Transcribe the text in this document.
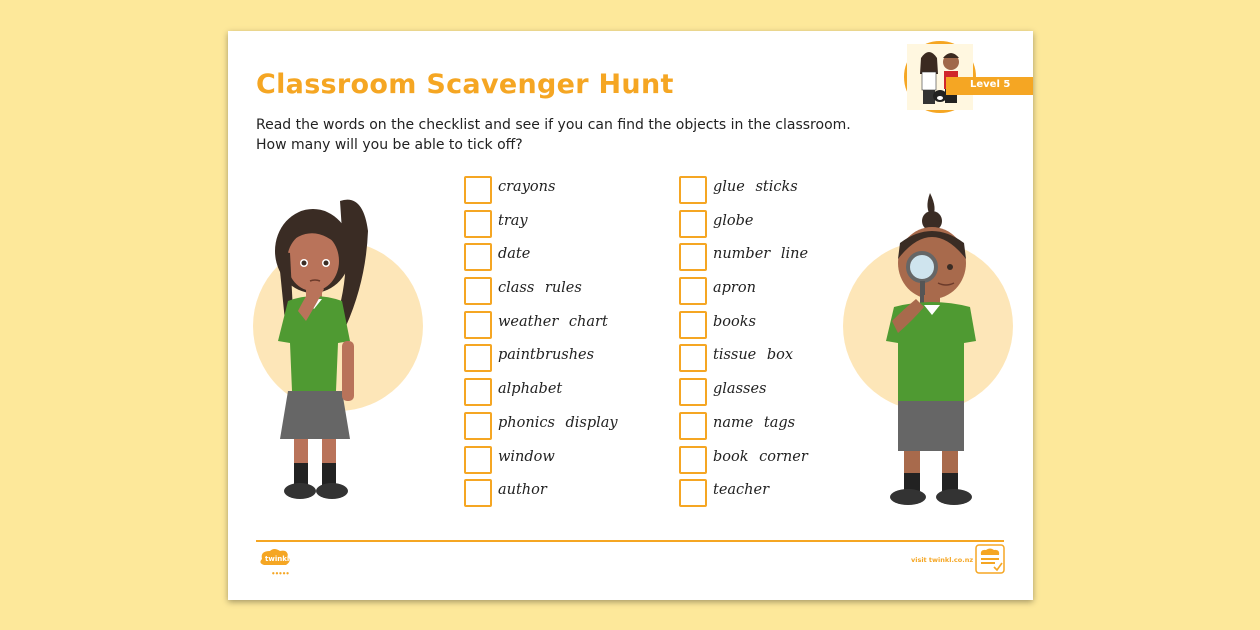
Level 5
Classroom Scavenger Hunt
Read the words on the checklist and see if you can find the objects in the classroom.
How many will you be able to tick off?
crayons
tray
date
class rules
weather chart
paintbrushes
alphabet
phonics display
window
author
glue sticks
globe
number line
apron
books
tissue box
glasses
name tags
book corner
teacher
twinkl phonics
● ● ● ● ●
visit twinkl.co.nz
